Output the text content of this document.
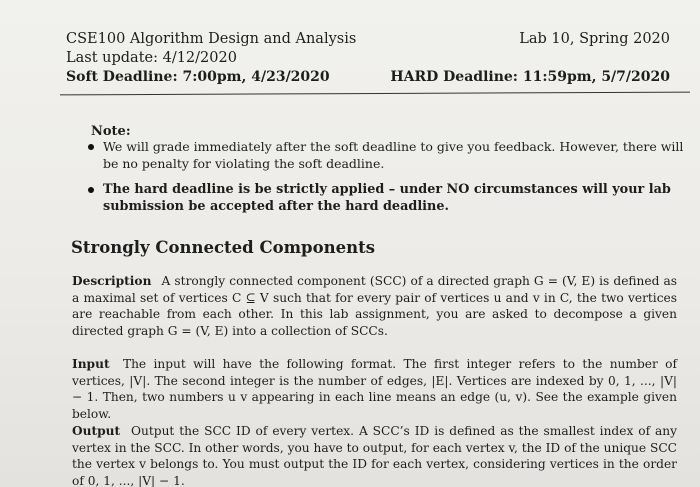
CSE100 Algorithm Design and Analysis	Lab 10, Spring 2020
Last update: 4/12/2020
Soft Deadline: 7:00pm, 4/23/2020	HARD Deadline: 11:59pm, 5/7/2020
Note:
We will grade immediately after the soft deadline to give you feedback. However, there will be no penalty for violating the soft deadline.
The hard deadline is be strictly applied – under NO circumstances will your lab submission be accepted after the hard deadline.
Strongly Connected Components
Description A strongly connected component (SCC) of a directed graph G = (V, E) is defined as a maximal set of vertices C ⊆ V such that for every pair of vertices u and v in C, the two vertices are reachable from each other. In this lab assignment, you are asked to decompose a given directed graph G = (V, E) into a collection of SCCs.
Input The input will have the following format. The first integer refers to the number of vertices, |V|. The second integer is the number of edges, |E|. Vertices are indexed by 0, 1, ..., |V| − 1. Then, two numbers u v appearing in each line means an edge (u, v). See the example given below.
Output Output the SCC ID of every vertex. A SCC’s ID is defined as the smallest index of any vertex in the SCC. In other words, you have to output, for each vertex v, the ID of the unique SCC the vertex v belongs to. You must output the ID for each vertex, considering vertices in the order of 0, 1, ..., |V| − 1.
